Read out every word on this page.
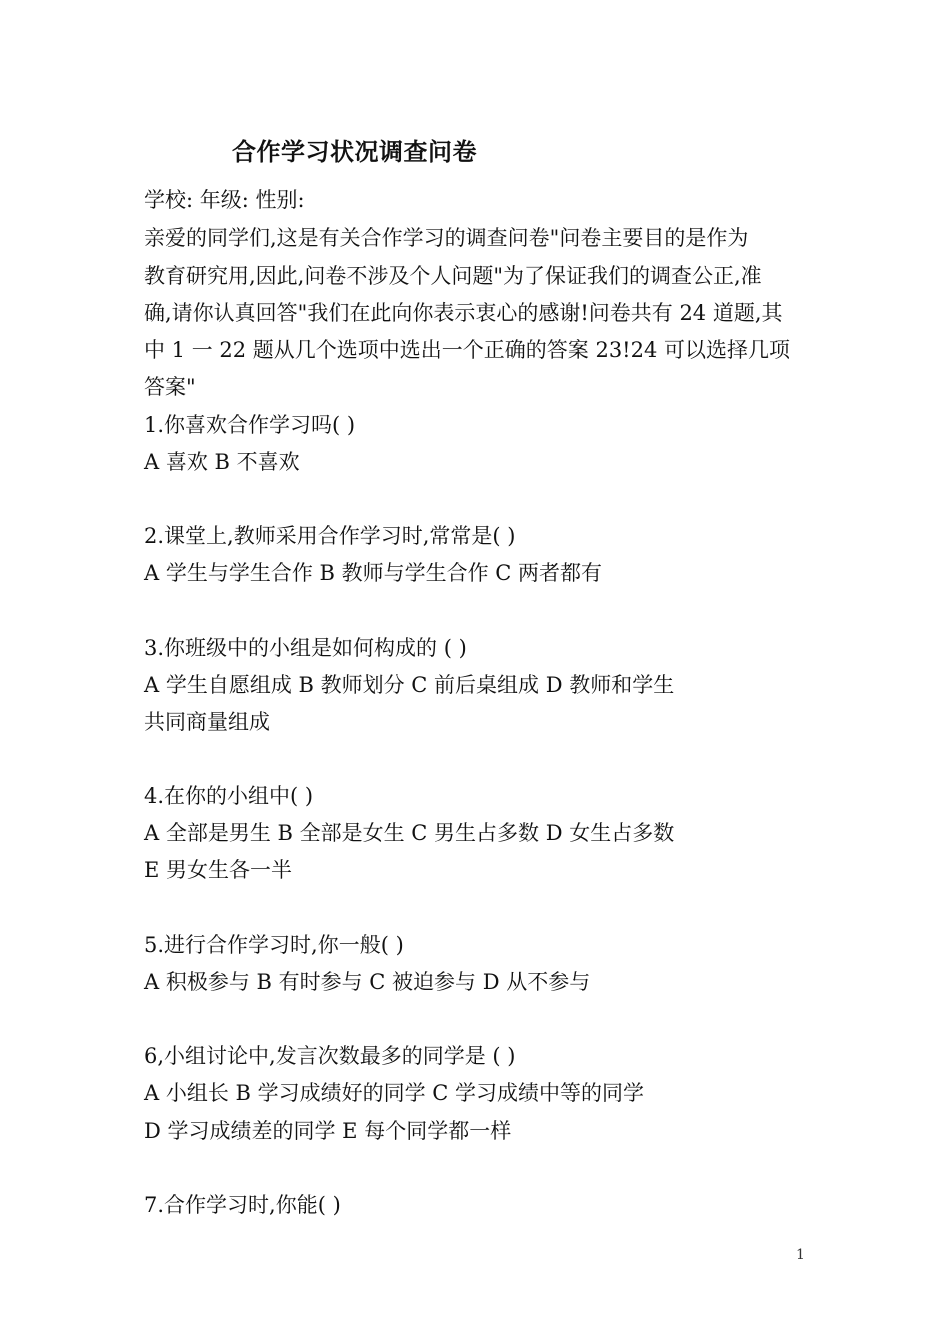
合作学习状况调查问卷
学校: 年级: 性别:
亲爱的同学们,这是有关合作学习的调查问卷"问卷主要目的是作为
教育研究用,因此,问卷不涉及个人问题"为了保证我们的调查公正,准
确,请你认真回答"我们在此向你表示衷心的感谢!问卷共有 24 道题,其
中 1 一 22 题从几个选项中选出一个正确的答案 23!24 可以选择几项
答案"
1.你喜欢合作学习吗( )
A 喜欢 B 不喜欢
2.课堂上,教师采用合作学习时,常常是( )
A 学生与学生合作 B 教师与学生合作 C 两者都有
3.你班级中的小组是如何构成的 ( )
A 学生自愿组成 B 教师划分 C 前后桌组成 D 教师和学生
共同商量组成
4.在你的小组中( )
A 全部是男生 B 全部是女生 C 男生占多数 D 女生占多数
E 男女生各一半
5.进行合作学习时,你一般( )
A 积极参与 B 有时参与 C 被迫参与 D 从不参与
6,小组讨论中,发言次数最多的同学是 ( )
A 小组长 B 学习成绩好的同学 C 学习成绩中等的同学
D 学习成绩差的同学 E 每个同学都一样
7.合作学习时,你能( )
1
